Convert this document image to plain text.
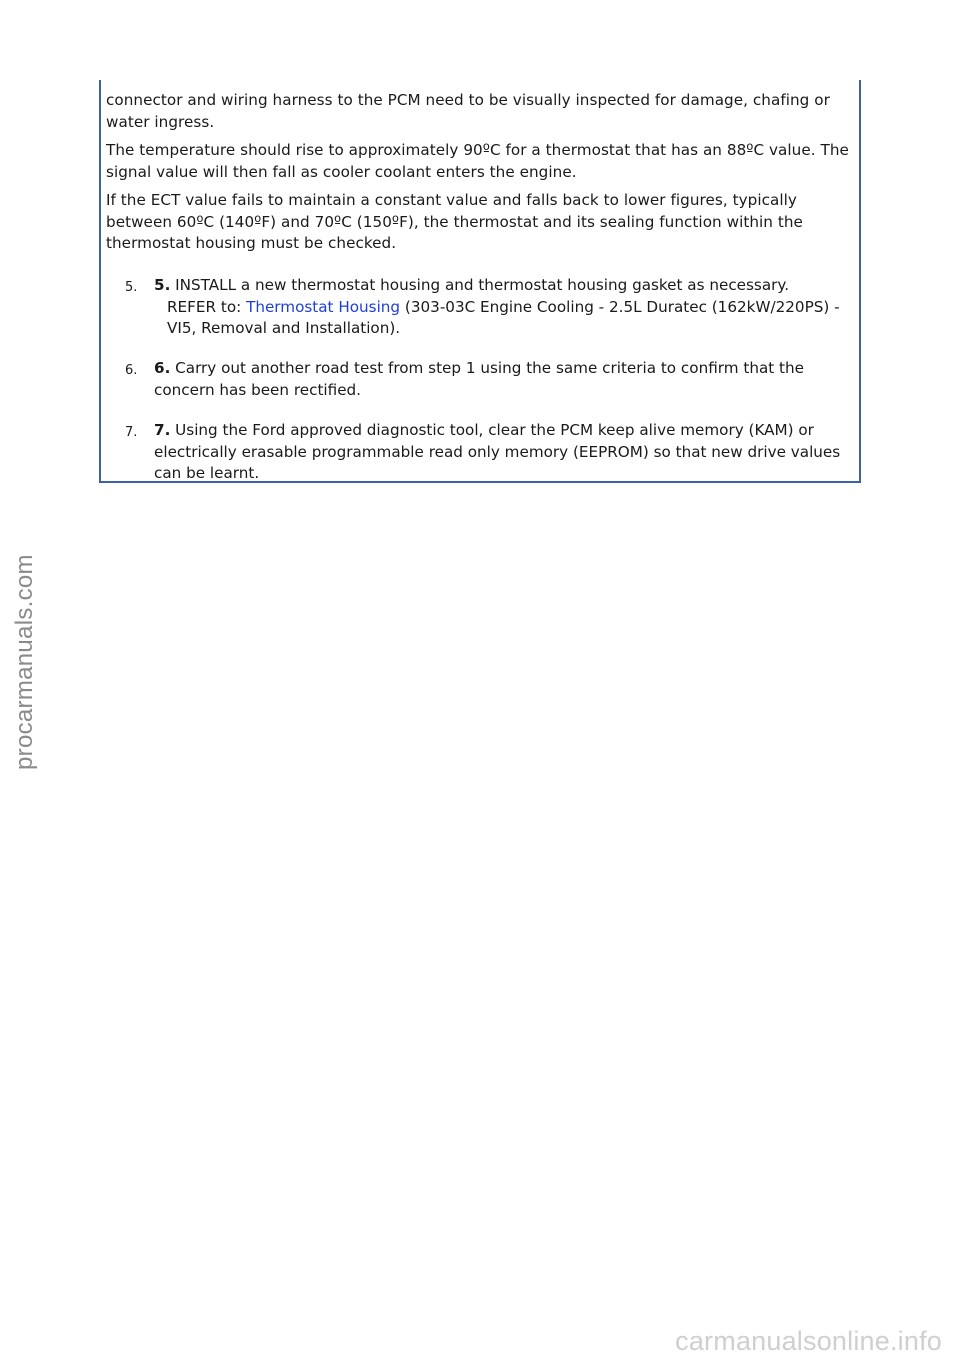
connector and wiring harness to the PCM need to be visually inspected for damage, chafing or water ingress.

The temperature should rise to approximately 90ºC for a thermostat that has an 88ºC value. The signal value will then fall as cooler coolant enters the engine.

If the ECT value fails to maintain a constant value and falls back to lower figures, typically between 60ºC (140ºF) and 70ºC (150ºF), the thermostat and its sealing function within the thermostat housing must be checked.

5. 5. INSTALL a new thermostat housing and thermostat housing gasket as necessary.
REFER to: Thermostat Housing (303-03C Engine Cooling - 2.5L Duratec (162kW/220PS) - VI5, Removal and Installation).
6. 6. Carry out another road test from step 1 using the same criteria to confirm that the concern has been rectified.
7. 7. Using the Ford approved diagnostic tool, clear the PCM keep alive memory (KAM) or electrically erasable programmable read only memory (EEPROM) so that new drive values can be learnt.
procarmanuals.com
carmanualsonline.info
